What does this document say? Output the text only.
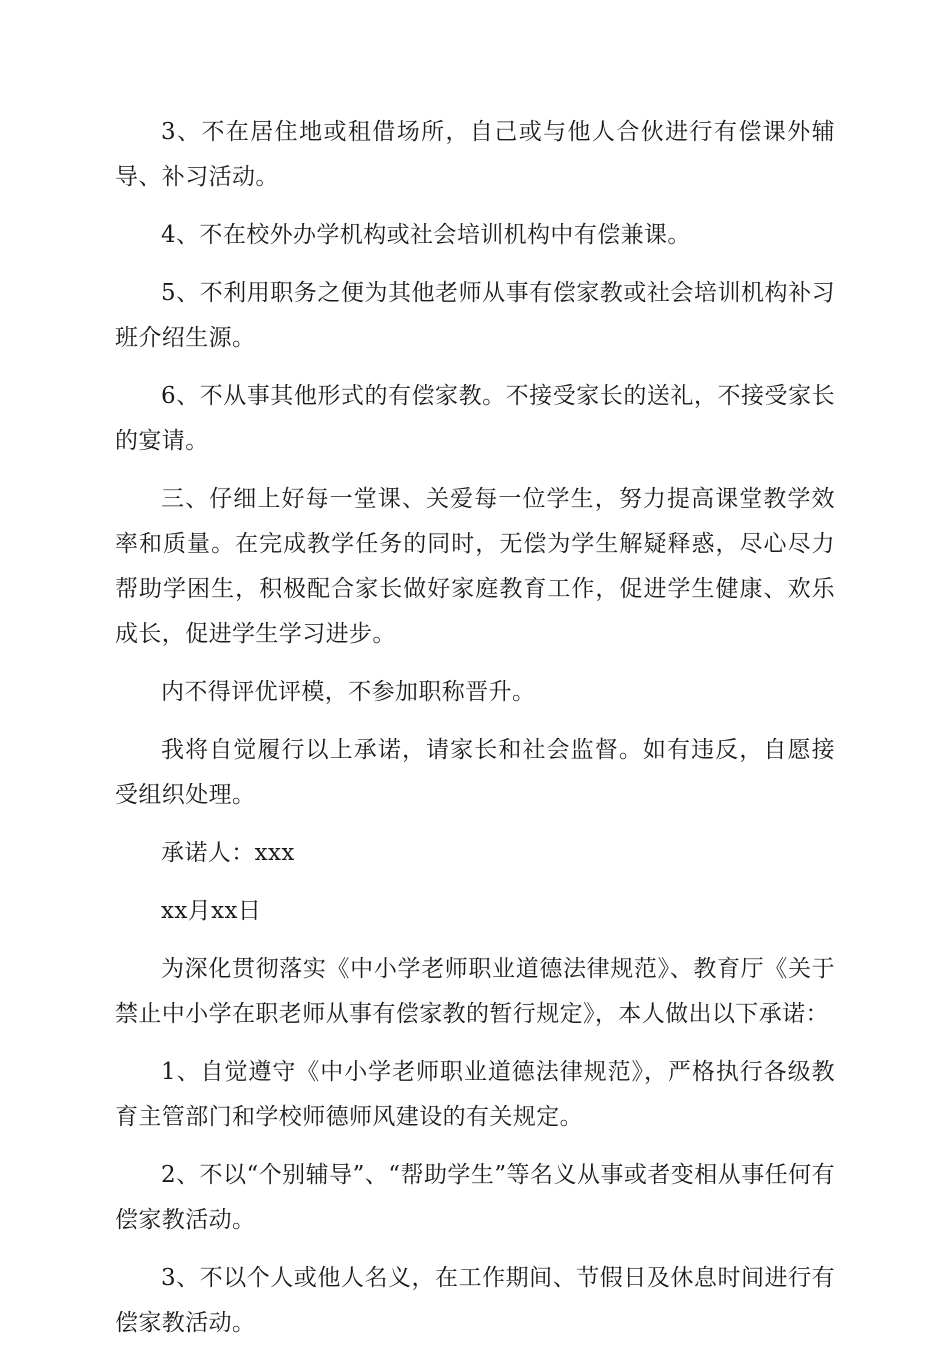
3、不在居住地或租借场所，自己或与他人合伙进行有偿课外辅导、补习活动。

4、不在校外办学机构或社会培训机构中有偿兼课。

5、不利用职务之便为其他老师从事有偿家教或社会培训机构补习班介绍生源。

6、不从事其他形式的有偿家教。不接受家长的送礼，不接受家长的宴请。

三、仔细上好每一堂课、关爱每一位学生，努力提高课堂教学效率和质量。在完成教学任务的同时，无偿为学生解疑释惑，尽心尽力帮助学困生，积极配合家长做好家庭教育工作，促进学生健康、欢乐成长，促进学生学习进步。

内不得评优评模，不参加职称晋升。

我将自觉履行以上承诺，请家长和社会监督。如有违反，自愿接受组织处理。

承诺人：xxx

xx月xx日

为深化贯彻落实《中小学老师职业道德法律规范》、教育厅《关于禁止中小学在职老师从事有偿家教的暂行规定》，本人做出以下承诺：

1、自觉遵守《中小学老师职业道德法律规范》，严格执行各级教育主管部门和学校师德师风建设的有关规定。

2、不以“个别辅导”、“帮助学生”等名义从事或者变相从事任何有偿家教活动。

3、不以个人或他人名义，在工作期间、节假日及休息时间进行有偿家教活动。
